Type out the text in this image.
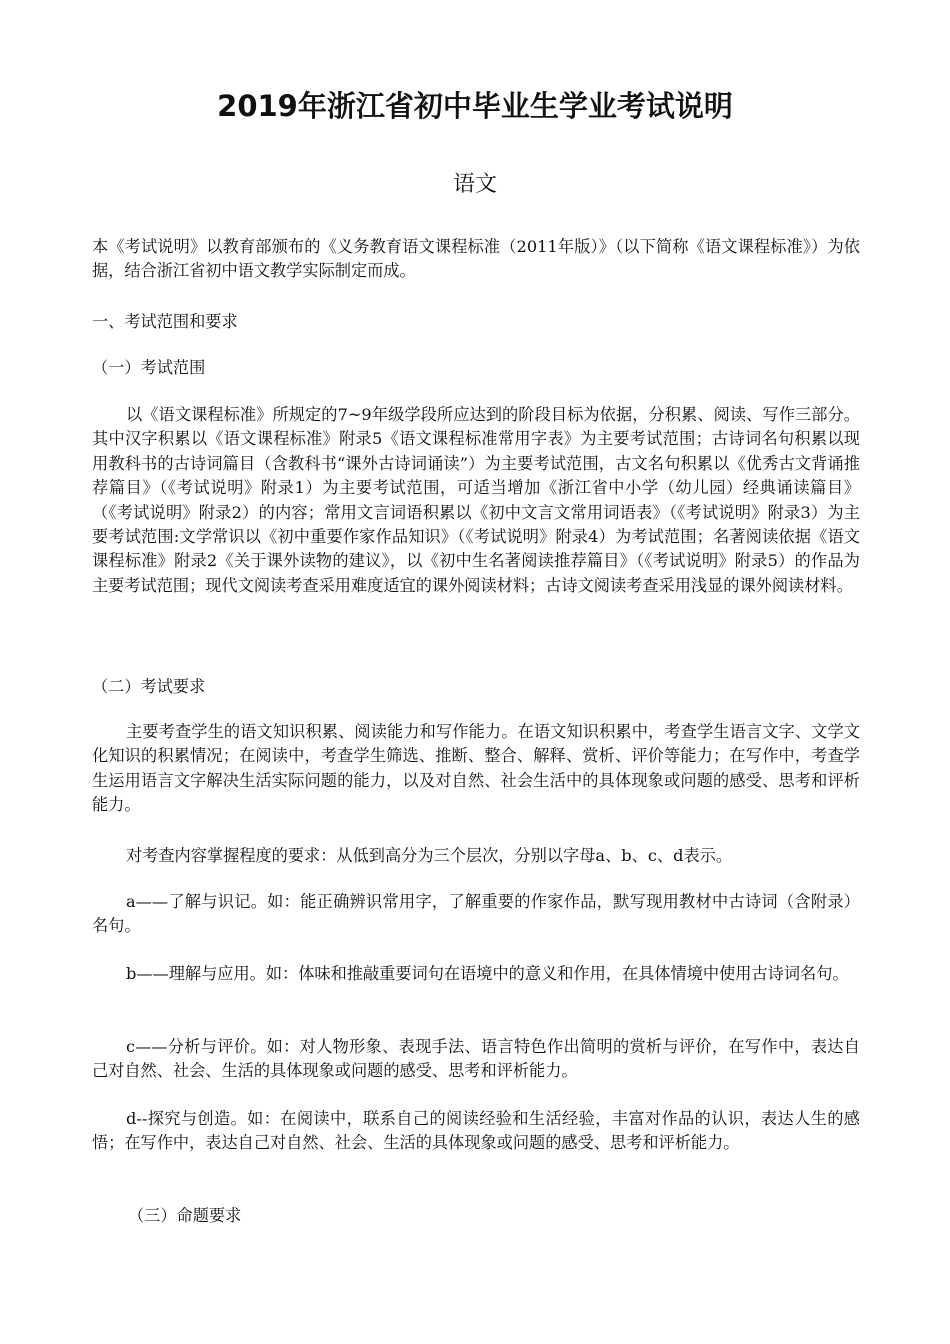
2019年浙江省初中毕业生学业考试说明
语文

本《考试说明》以教育部颁布的《义务教育语文课程标准（2011年版）》（以下简称《语文课程标准》）为依据，结合浙江省初中语文教学实际制定而成。

一、考试范围和要求

（一）考试范围

以《语文课程标准》所规定的7~9年级学段所应达到的阶段目标为依据，分积累、阅读、写作三部分。其中汉字积累以《语文课程标准》附录5《语文课程标准常用字表》为主要考试范围；古诗词名句积累以现用教科书的古诗词篇目（含教科书“课外古诗词诵读”）为主要考试范围，古文名句积累以《优秀古文背诵推荐篇目》（《考试说明》附录1）为主要考试范围，可适当增加《浙江省中小学（幼儿园）经典诵读篇目》（《考试说明》附录2）的内容；常用文言词语积累以《初中文言文常用词语表》（《考试说明》附录3）为主要考试范围:文学常识以《初中重要作家作品知识》（《考试说明》附录4）为考试范围；名著阅读依据《语文课程标准》附录2《关于课外读物的建议》，以《初中生名著阅读推荐篇目》（《考试说明》附录5）的作品为主要考试范围；现代文阅读考查采用难度适宜的课外阅读材料；古诗文阅读考查采用浅显的课外阅读材料。

（二）考试要求

主要考查学生的语文知识积累、阅读能力和写作能力。在语文知识积累中，考查学生语言文字、文学文化知识的积累情况；在阅读中，考查学生筛选、推断、整合、解释、赏析、评价等能力；在写作中，考查学生运用语言文字解决生活实际问题的能力，以及对自然、社会生活中的具体现象或问题的感受、思考和评析能力。

对考查内容掌握程度的要求：从低到高分为三个层次，分别以字母a、b、c、d表示。

a——了解与识记。如：能正确辨识常用字，了解重要的作家作品，默写现用教材中古诗词（含附录）名句。

b——理解与应用。如：体味和推敲重要词句在语境中的意义和作用，在具体情境中使用古诗词名句。

c——分析与评价。如：对人物形象、表现手法、语言特色作出简明的赏析与评价，在写作中，表达自己对自然、社会、生活的具体现象或问题的感受、思考和评析能力。

d--探究与创造。如：在阅读中，联系自己的阅读经验和生活经验，丰富对作品的认识，表达人生的感悟；在写作中，表达自己对自然、社会、生活的具体现象或问题的感受、思考和评析能力。

（三）命题要求
